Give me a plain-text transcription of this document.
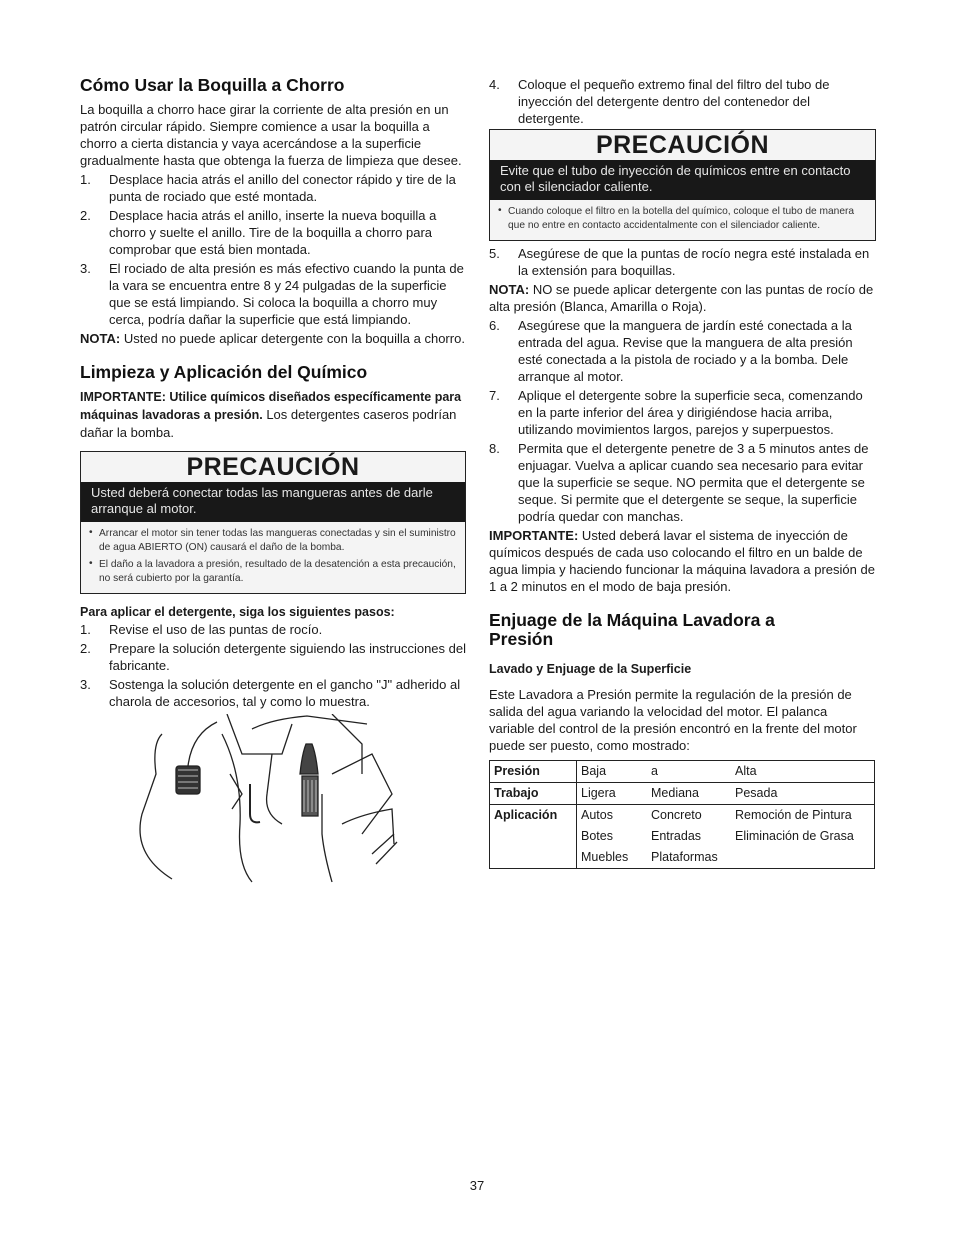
Cómo Usar la Boquilla a Chorro

La boquilla a chorro hace girar la corriente de alta presión en un patrón circular rápido. Siempre comience a usar la boquilla a chorro a cierta distancia y vaya acercándose a la superficie gradualmente hasta que obtenga la fuerza de limpieza que desee.

1. Desplace hacia atrás el anillo del conector rápido y tire de la punta de rociado que esté montada.
2. Desplace hacia atrás el anillo, inserte la nueva boquilla a chorro y suelte el anillo. Tire de la boquilla a chorro para comprobar que está bien montada.
3. El rociado de alta presión es más efectivo cuando la punta de la vara se encuentra entre 8 y 24 pulgadas de la superficie que se está limpiando. Si coloca la boquilla a chorro muy cerca, podría dañar la superficie que está limpiando.

NOTA: Usted no puede aplicar detergente con la boquilla a chorro.

Limpieza y Aplicación del Químico

IMPORTANTE: Utilice químicos diseñados específicamente para máquinas lavadoras a presión. Los detergentes caseros podrían dañar la bomba.

PRECAUCIÓN
Usted deberá conectar todas las mangueras antes de darle arranque al motor.
• Arrancar el motor sin tener todas las mangueras conectadas y sin el suministro de agua ABIERTO (ON) causará el daño de la bomba.
• El daño a la lavadora a presión, resultado de la desatención a esta precaución, no será cubierto por la garantía.

Para aplicar el detergente, siga los siguientes pasos:

1. Revise el uso de las puntas de rocío.
2. Prepare la solución detergente siguiendo las instrucciones del fabricante.
3. Sostenga la solución detergente en el gancho "J" adherido al charola de accesorios, tal y como lo muestra.
4. Coloque el pequeño extremo final del filtro del tubo de inyección del detergente dentro del contenedor del detergente.
PRECAUCIÓN
Evite que el tubo de inyección de químicos entre en contacto con el silenciador caliente.
• Cuando coloque el filtro en la botella del químico, coloque el tubo de manera que no entre en contacto accidentalmente con el silenciador caliente.
5. Asegúrese de que la puntas de rocío negra esté instalada en la extensión para boquillas.

NOTA: NO se puede aplicar detergente con las puntas de rocío de alta presión (Blanca, Amarilla o Roja).

6. Asegúrese que la manguera de jardín esté conectada a la entrada del agua. Revise que la manguera de alta presión esté conectada a la pistola de rociado y a la bomba. Dele arranque al motor.
7. Aplique el detergente sobre la superficie seca, comenzando en la parte inferior del área y dirigiéndose hacia arriba, utilizando movimientos largos, parejos y superpuestos.
8. Permita que el detergente penetre de 3 a 5 minutos antes de enjuagar. Vuelva a aplicar cuando sea necesario para evitar que la superficie se seque. NO permita que el detergente se seque. Si permite que el detergente se seque, la superficie podría quedar con manchas.

IMPORTANTE: Usted deberá lavar el sistema de inyección de químicos después de cada uso colocando el filtro en un balde de agua limpia y haciendo funcionar la máquina lavadora a presión de 1 a 2 minutos en el modo de baja presión.

Enjuage de la Máquina Lavadora a Presión

Lavado y Enjuage de la Superficie

Este Lavadora a Presión permite la regulación de la presión de salida del agua variando la velocidad del motor. El palanca variable del control de la presión encontró en la frente del motor puede ser puesto, como mostrado:

Presión	Baja	a	Alta
Trabajo	Ligera	Mediana	Pesada
Aplicación	Autos	Concreto	Remoción de Pintura
	Botes	Entradas	Eliminación de Grasa
	Muebles	Plataformas	
37
